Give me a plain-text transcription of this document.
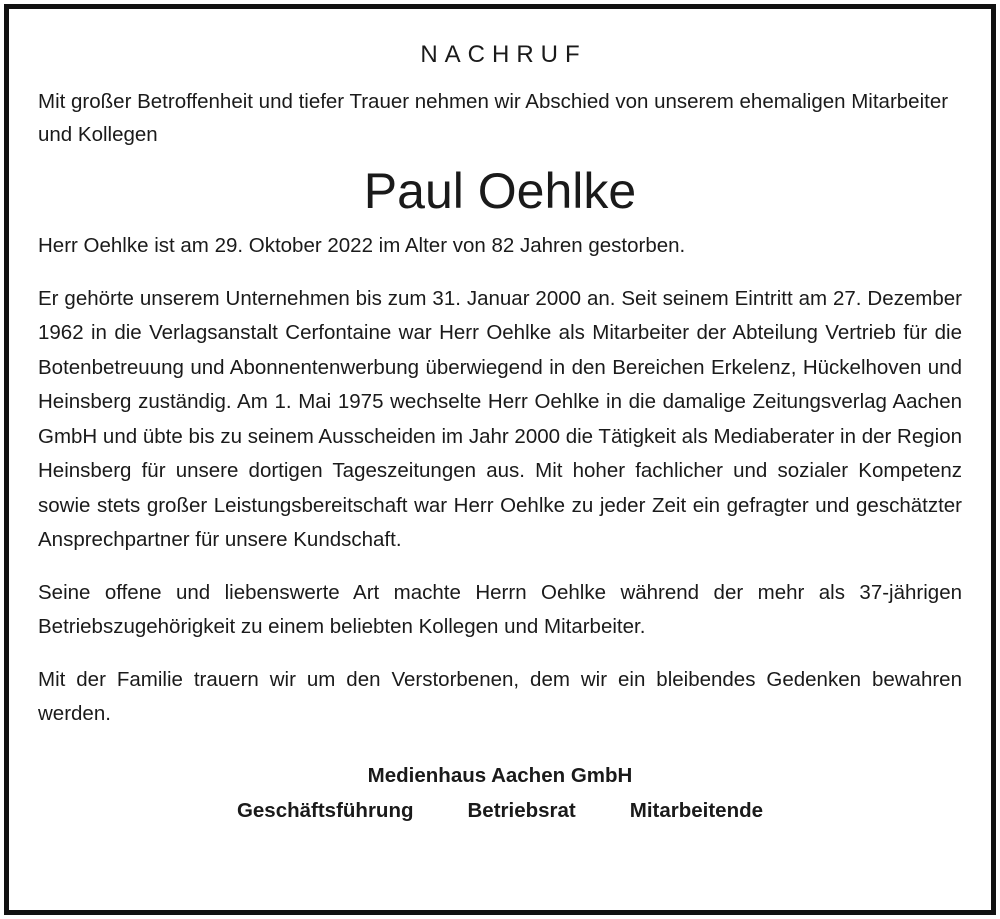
NACHRUF

Mit großer Betroffenheit und tiefer Trauer nehmen wir Abschied von unserem ehemaligen Mitarbeiter und Kollegen

Paul Oehlke

Herr Oehlke ist am 29. Oktober 2022 im Alter von 82 Jahren gestorben.

Er gehörte unserem Unternehmen bis zum 31. Januar 2000 an. Seit seinem Eintritt am 27. Dezember 1962 in die Verlagsanstalt Cerfontaine war Herr Oehlke als Mitarbeiter der Abteilung Vertrieb für die Botenbetreuung und Abonnentenwerbung überwiegend in den Bereichen Erkelenz, Hückelhoven und Heinsberg zuständig. Am 1. Mai 1975 wechselte Herr Oehlke in die damalige Zeitungsverlag Aachen GmbH und übte bis zu seinem Ausscheiden im Jahr 2000 die Tätigkeit als Mediaberater in der Region Heinsberg für unsere dortigen Tageszeitungen aus. Mit hoher fachlicher und sozialer Kompetenz sowie stets großer Leistungsbereitschaft war Herr Oehlke zu jeder Zeit ein gefragter und geschätzter Ansprechpartner für unsere Kundschaft.

Seine offene und liebenswerte Art machte Herrn Oehlke während der mehr als 37-jährigen Betriebszugehörigkeit zu einem beliebten Kollegen und Mitarbeiter.

Mit der Familie trauern wir um den Verstorbenen, dem wir ein bleibendes Gedenken bewahren werden.

Medienhaus Aachen GmbH
Geschäftsführung	Betriebsrat	Mitarbeitende
